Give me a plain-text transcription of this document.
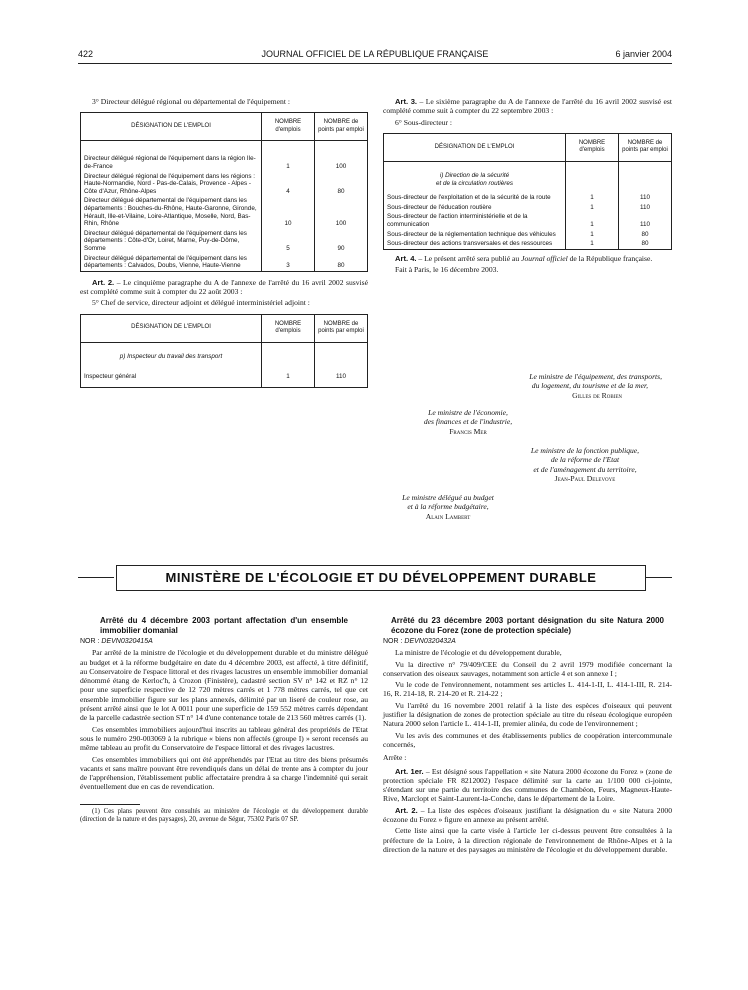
422	JOURNAL OFFICIEL DE LA RÉPUBLIQUE FRANÇAISE	6 janvier 2004

3° Directeur délégué régional ou départemental de l'équipement :

DÉSIGNATION DE L'EMPLOI	NOMBRE d'emplois	NOMBRE de points par emploi
Directeur délégué régional de l'équipement dans la région Ile-de-France	1	100
Directeur délégué régional de l'équipement dans les régions : Haute-Normandie, Nord - Pas-de-Calais, Provence - Alpes - Côte d'Azur, Rhône-Alpes	4	80
Directeur délégué départemental de l'équipement dans les départements : Bouches-du-Rhône, Haute-Garonne, Gironde, Hérault, Ille-et-Vilaine, Loire-Atlantique, Moselle, Nord, Bas-Rhin, Rhône	10	100
Directeur délégué départemental de l'équipement dans les départements : Côte-d'Or, Loiret, Marne, Puy-de-Dôme, Somme	5	90
Directeur délégué départemental de l'équipement dans les départements : Calvados, Doubs, Vienne, Haute-Vienne	3	80

Art. 2. – Le cinquième paragraphe du A de l'annexe de l'arrêté du 16 avril 2002 susvisé est complété comme suit à compter du 22 août 2003 :

5° Chef de service, directeur adjoint et délégué interministériel adjoint :

DÉSIGNATION DE L'EMPLOI	NOMBRE d'emplois	NOMBRE de points par emploi
p) Inspecteur du travail des transport		
Inspecteur général	1	110

Art. 3. – Le sixième paragraphe du A de l'annexe de l'arrêté du 16 avril 2002 susvisé est complété comme suit à compter du 22 septembre 2003 :

6° Sous-directeur :

DÉSIGNATION DE L'EMPLOI	NOMBRE d'emplois	NOMBRE de points par emploi
i) Direction de la sécurité
et de la circulation routières		
Sous-directeur de l'exploitation et de la sécurité de la route	1	110
Sous-directeur de l'éducation routière	1	110
Sous-directeur de l'action interministérielle et de la communication	1	110
Sous-directeur de la réglementation technique des véhicules	1	80
Sous-directeur des actions transversales et des ressources	1	80

Art. 4. – Le présent arrêté sera publié au Journal officiel de la République française.

Fait à Paris, le 16 décembre 2003.

Le ministre de l'équipement, des transports,
du logement, du tourisme et de la mer,
Gilles de Robien
Le ministre de l'économie,
des finances et de l'industrie,
Francis Mer
Le ministre de la fonction publique,
de la réforme de l'Etat
et de l'aménagement du territoire,
Jean-Paul Delevoye
Le ministre délégué au budget
et à la réforme budgétaire,
Alain Lambert
MINISTÈRE DE L'ÉCOLOGIE ET DU DÉVELOPPEMENT DURABLE

Arrêté du 4 décembre 2003 portant affectation d'un ensemble immobilier domanial

NOR : DEVN0320415A

Par arrêté de la ministre de l'écologie et du développement durable et du ministre délégué au budget et à la réforme budgétaire en date du 4 décembre 2003, est affecté, à titre définitif, au Conservatoire de l'espace littoral et des rivages lacustres un ensemble immobilier domanial dénommé étang de Kerloc'h, à Crozon (Finistère), cadastré section SV n° 142 et RZ n° 12 pour une superficie respective de 12 720 mètres carrés et 1 778 mètres carrés, tel que cet ensemble immobilier figure sur les plans annexés, délimité par un liseré de couleur rose, au présent arrêté ainsi que le lot A 0011 pour une superficie de 159 552 mètres carrés dépendant de la parcelle cadastrée section ST n° 14 d'une contenance totale de 213 560 mètres carrés (1).

Ces ensembles immobiliers aujourd'hui inscrits au tableau général des propriétés de l'Etat sous le numéro 290-003069 à la rubrique « biens non affectés (groupe I) » seront recensés au même tableau au profit du Conservatoire de l'espace littoral et des rivages lacustres.

Ces ensembles immobiliers qui ont été appréhendés par l'Etat au titre des biens présumés vacants et sans maître pouvant être revendiqués dans un délai de trente ans à compter du jour de l'appréhension, l'établissement public affectataire prendra à sa charge l'indemnité qui serait éventuellement due en cas de revendication.

(1) Ces plans peuvent être consultés au ministère de l'écologie et du développement durable (direction de la nature et des paysages), 20, avenue de Ségur, 75302 Paris 07 SP.

Arrêté du 23 décembre 2003 portant désignation du site Natura 2000 écozone du Forez (zone de protection spéciale)

NOR : DEVN0320432A

La ministre de l'écologie et du développement durable,

Vu la directive n° 79/409/CEE du Conseil du 2 avril 1979 modifiée concernant la conservation des oiseaux sauvages, notamment son article 4 et son annexe I ;

Vu le code de l'environnement, notamment ses articles L. 414-1-II, L. 414-1-III, R. 214-16, R. 214-18, R. 214-20 et R. 214-22 ;

Vu l'arrêté du 16 novembre 2001 relatif à la liste des espèces d'oiseaux qui peuvent justifier la désignation de zones de protection spéciale au titre du réseau écologique européen Natura 2000 selon l'article L. 414-1-II, premier alinéa, du code de l'environnement ;

Vu les avis des communes et des établissements publics de coopération intercommunale concernés,

Arrête :

Art. 1er. – Est désigné sous l'appellation « site Natura 2000 écozone du Forez » (zone de protection spéciale FR 8212002) l'espace délimité sur la carte au 1/100 000 ci-jointe, s'étendant sur une partie du territoire des communes de Chambéon, Feurs, Magneux-Haute-Rive, Marclopt et Saint-Laurent-la-Conche, dans le département de la Loire.

Art. 2. – La liste des espèces d'oiseaux justifiant la désignation du « site Natura 2000 écozone du Forez » figure en annexe au présent arrêté.

Cette liste ainsi que la carte visée à l'article 1er ci-dessus peuvent être consultées à la préfecture de la Loire, à la direction régionale de l'environnement de Rhône-Alpes et à la direction de la nature et des paysages au ministère de l'écologie et du développement durable.
